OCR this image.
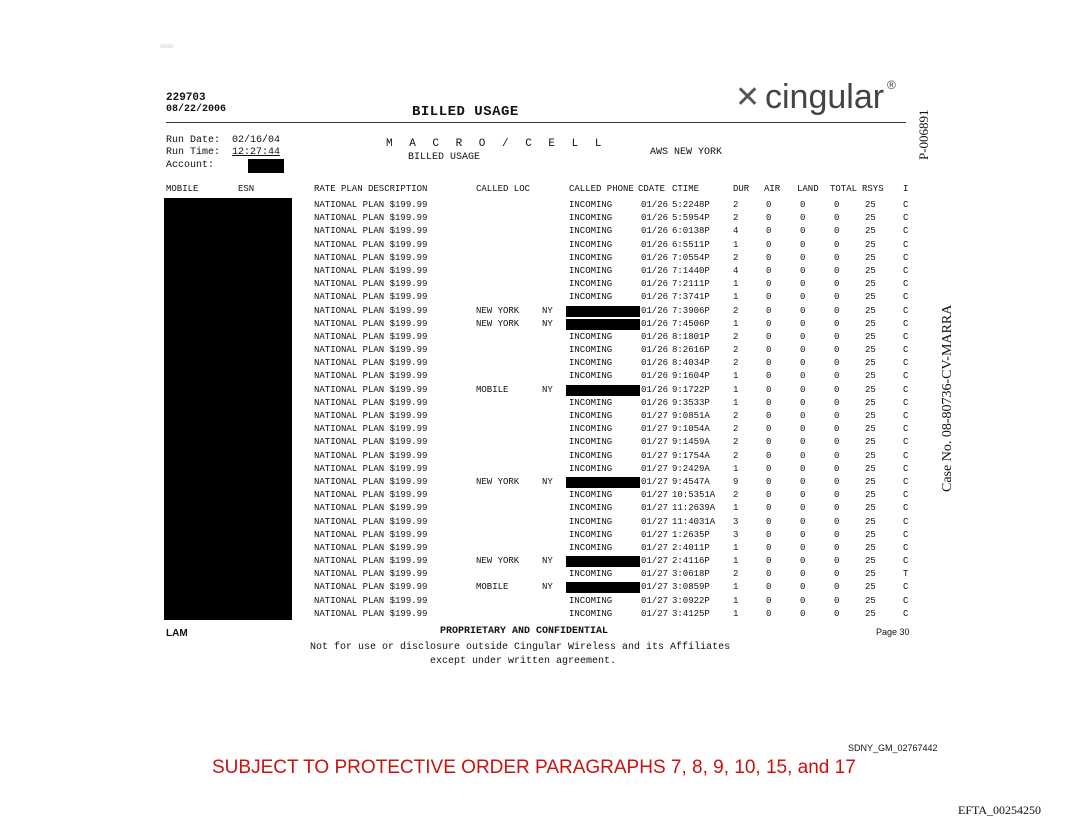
Ablin
229703
08/22/2006	BILLED USAGE	✕ cingular ®
P-006891
Case No. 08-80736-CV-MARRA
Run Date: 02/16/04
Run Time: 12:27:44
Account:
M A C R O / C E L L
BILLED USAGE	AWS NEW YORK
MOBILE	ESN	RATE PLAN DESCRIPTION	CALLED LOC	CALLED PHONE CDATE CTIME	DUR AIR LAND TOTAL RSYS I
NATIONAL PLAN $199.99	INCOMING	01/26 5:2248P	2	0	0	0	25	C
NATIONAL PLAN $199.99	INCOMING	01/26 5:5954P	2	0	0	0	25	C
NATIONAL PLAN $199.99	INCOMING	01/26 6:0138P	4	0	0	0	25	C
NATIONAL PLAN $199.99	INCOMING	01/26 6:5511P	1	0	0	0	25	C
NATIONAL PLAN $199.99	INCOMING	01/26 7:0554P	2	0	0	0	25	C
NATIONAL PLAN $199.99	INCOMING	01/26 7:1440P	4	0	0	0	25	C
NATIONAL PLAN $199.99	INCOMING	01/26 7:2111P	1	0	0	0	25	C
NATIONAL PLAN $199.99	INCOMING	01/26 7:3741P	1	0	0	0	25	C
NATIONAL PLAN $199.99	NEW YORK	NY	01/26 7:3906P	2	0	0	0	25	C
NATIONAL PLAN $199.99	NEW YORK	NY	01/26 7:4506P	1	0	0	0	25	C
NATIONAL PLAN $199.99	INCOMING	01/26 8:1801P	2	0	0	0	25	C
NATIONAL PLAN $199.99	INCOMING	01/26 8:2616P	2	0	0	0	25	C
NATIONAL PLAN $199.99	INCOMING	01/26 8:4034P	2	0	0	0	25	C
NATIONAL PLAN $199.99	INCOMING	01/26 9:1604P	1	0	0	0	25	C
NATIONAL PLAN $199.99	MOBILE	NY	01/26 9:1722P	1	0	0	0	25	C
NATIONAL PLAN $199.99	INCOMING	01/26 9:3533P	1	0	0	0	25	C
NATIONAL PLAN $199.99	INCOMING	01/27 9:0851A	2	0	0	0	25	C
NATIONAL PLAN $199.99	INCOMING	01/27 9:1054A	2	0	0	0	25	C
NATIONAL PLAN $199.99	INCOMING	01/27 9:1459A	2	0	0	0	25	C
NATIONAL PLAN $199.99	INCOMING	01/27 9:1754A	2	0	0	0	25	C
NATIONAL PLAN $199.99	INCOMING	01/27 9:2429A	1	0	0	0	25	C
NATIONAL PLAN $199.99	NEW YORK	NY	01/27 9:4547A	9	0	0	0	25	C
NATIONAL PLAN $199.99	INCOMING	01/27 10:5351A 2	0	0	0	25	C
NATIONAL PLAN $199.99	INCOMING	01/27 11:2639A 1	0	0	0	25	C
NATIONAL PLAN $199.99	INCOMING	01/27 11:4031A 3	0	0	0	25	C
NATIONAL PLAN $199.99	INCOMING	01/27 1:2635P	3	0	0	0	25	C
NATIONAL PLAN $199.99	INCOMING	01/27 2:4011P	1	0	0	0	25	C
NATIONAL PLAN $199.99	NEW YORK	NY	01/27 2:4116P	1	0	0	0	25	C
NATIONAL PLAN $199.99	INCOMING	01/27 3:0618P	2	0	0	0	25	T
NATIONAL PLAN $199.99	MOBILE	NY	01/27 3:0859P	1	0	0	0	25	C
NATIONAL PLAN $199.99	INCOMING	01/27 3:0922P	1	0	0	0	25	C
NATIONAL PLAN $199.99	INCOMING	01/27 3:4125P	1	0	0	0	25	C
LAM	PROPRIETARY AND CONFIDENTIAL	Page 30
Not for use or disclosure outside Cingular Wireless and its Affiliates
except under written agreement.
SDNY_GM_02767442
SUBJECT TO PROTECTIVE ORDER PARAGRAPHS 7, 8, 9, 10, 15, and 17
EFTA_00254250
